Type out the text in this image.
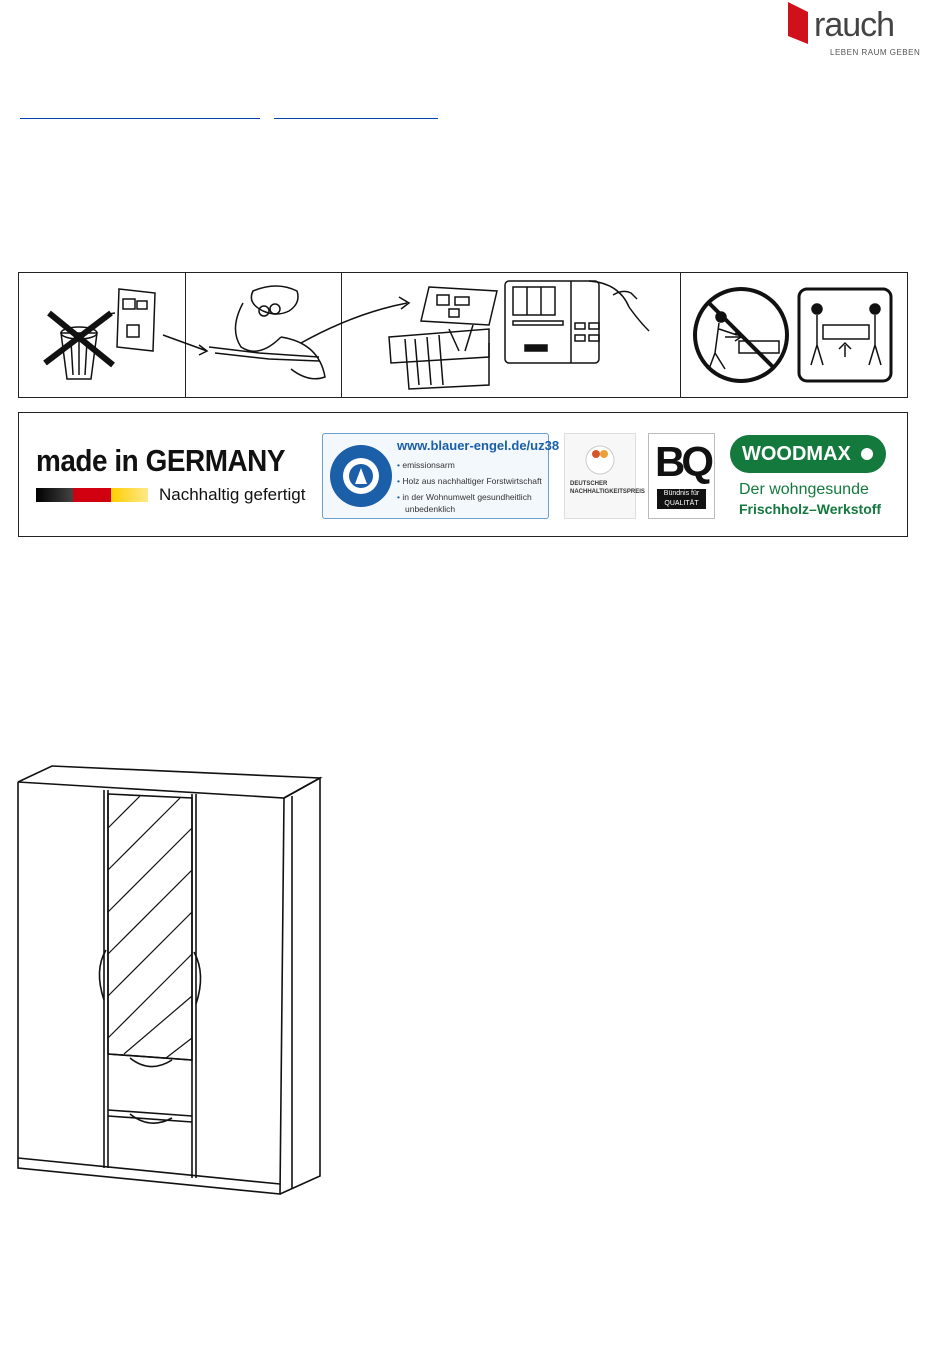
rauch
LEBEN RAUM GEBEN
made in GERMANY
Nachhaltig gefertigt
www.blauer-engel.de/uz38
• emissionsarm
• Holz aus nachhaltiger Forstwirtschaft
• in der Wohnumwelt gesundheitlich
unbedenklich
DEUTSCHER
NACHHALTIGKEITSPREIS
BQ
Bündnis für
QUALITÄT
WOODMAX
Der wohngesunde
Frischholz–Werkstoff
